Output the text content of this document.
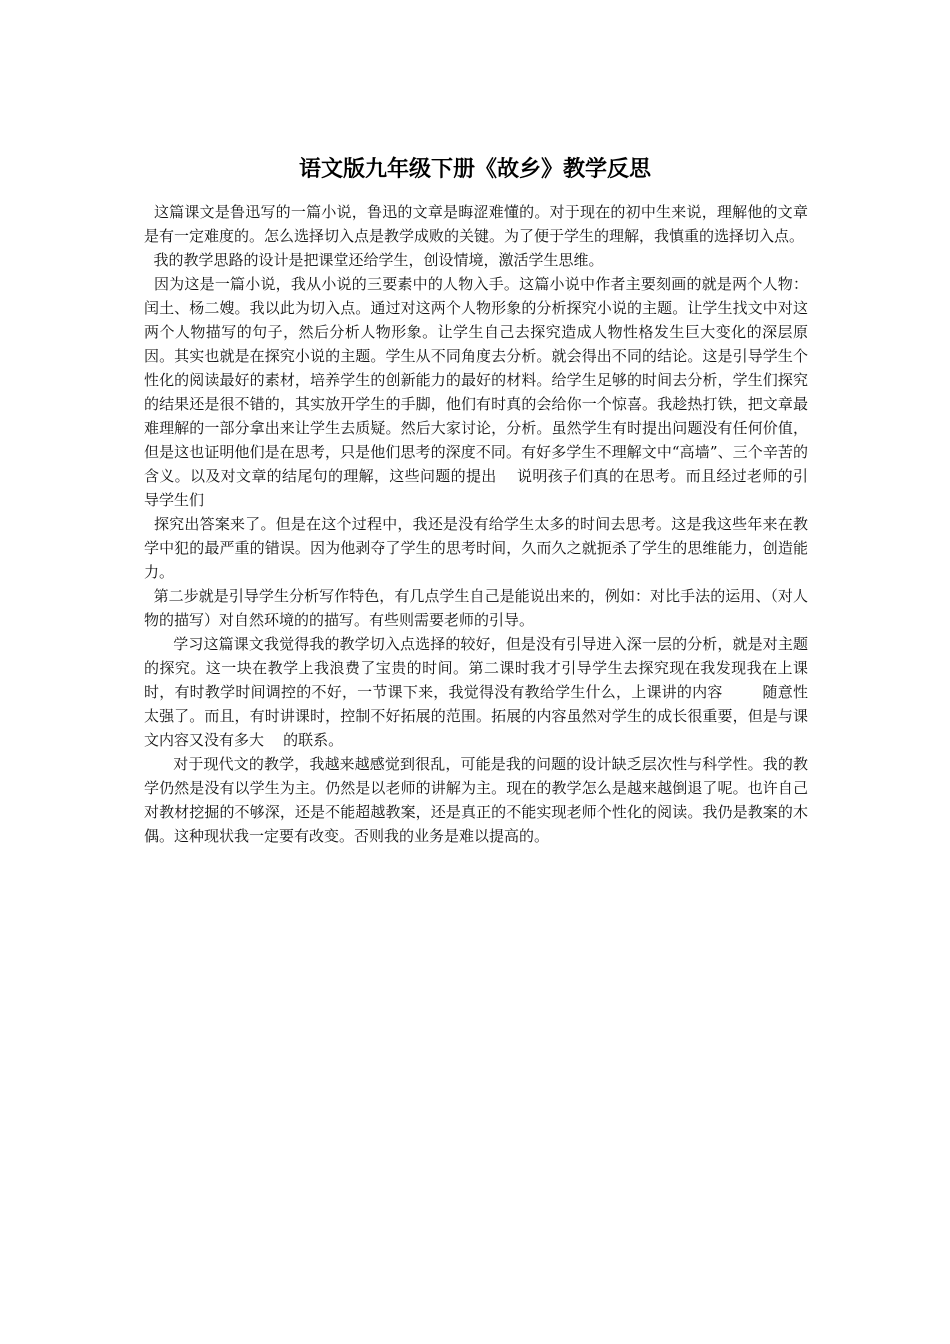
语文版九年级下册《故乡》教学反思

这篇课文是鲁迅写的一篇小说，鲁迅的文章是晦涩难懂的。对于现在的初中生来说，理解他的文章是有一定难度的。怎么选择切入点是教学成败的关键。为了便于学生的理解，我慎重的选择切入点。

我的教学思路的设计是把课堂还给学生，创设情境，激活学生思维。

因为这是一篇小说，我从小说的三要素中的人物入手。这篇小说中作者主要刻画的就是两个人物：闰土、杨二嫂。我以此为切入点。通过对这两个人物形象的分析探究小说的主题。让学生找文中对这两个人物描写的句子，然后分析人物形象。让学生自己去探究造成人物性格发生巨大变化的深层原因。其实也就是在探究小说的主题。学生从不同角度去分析。就会得出不同的结论。这是引导学生个性化的阅读最好的素材，培养学生的创新能力的最好的材料。给学生足够的时间去分析，学生们探究的结果还是很不错的，其实放开学生的手脚，他们有时真的会给你一个惊喜。我趁热打铁，把文章最难理解的一部分拿出来让学生去质疑。然后大家讨论，分析。虽然学生有时提出问题没有任何价值，但是这也证明他们是在思考，只是他们思考的深度不同。有好多学生不理解文中“高墙”、三个辛苦的含义。以及对文章的结尾句的理解，这些问题的提出    说明孩子们真的在思考。而且经过老师的引导学生们

探究出答案来了。但是在这个过程中，我还是没有给学生太多的时间去思考。这是我这些年来在教学中犯的最严重的错误。因为他剥夺了学生的思考时间，久而久之就扼杀了学生的思维能力，创造能力。

第二步就是引导学生分析写作特色，有几点学生自己是能说出来的，例如：对比手法的运用、（对人物的描写）对自然环境的的描写。有些则需要老师的引导。

学习这篇课文我觉得我的教学切入点选择的较好，但是没有引导进入深一层的分析，就是对主题的探究。这一块在教学上我浪费了宝贵的时间。第二课时我才引导学生去探究现在我发现我在上课时，有时教学时间调控的不好，一节课下来，我觉得没有教给学生什么，上课讲的内容        随意性太强了。而且，有时讲课时，控制不好拓展的范围。拓展的内容虽然对学生的成长很重要，但是与课文内容又没有多大    的联系。

对于现代文的教学，我越来越感觉到很乱，可能是我的问题的设计缺乏层次性与科学性。我的教学仍然是没有以学生为主。仍然是以老师的讲解为主。现在的教学怎么是越来越倒退了呢。也许自己对教材挖掘的不够深，还是不能超越教案，还是真正的不能实现老师个性化的阅读。我仍是教案的木偶。这种现状我一定要有改变。否则我的业务是难以提高的。
